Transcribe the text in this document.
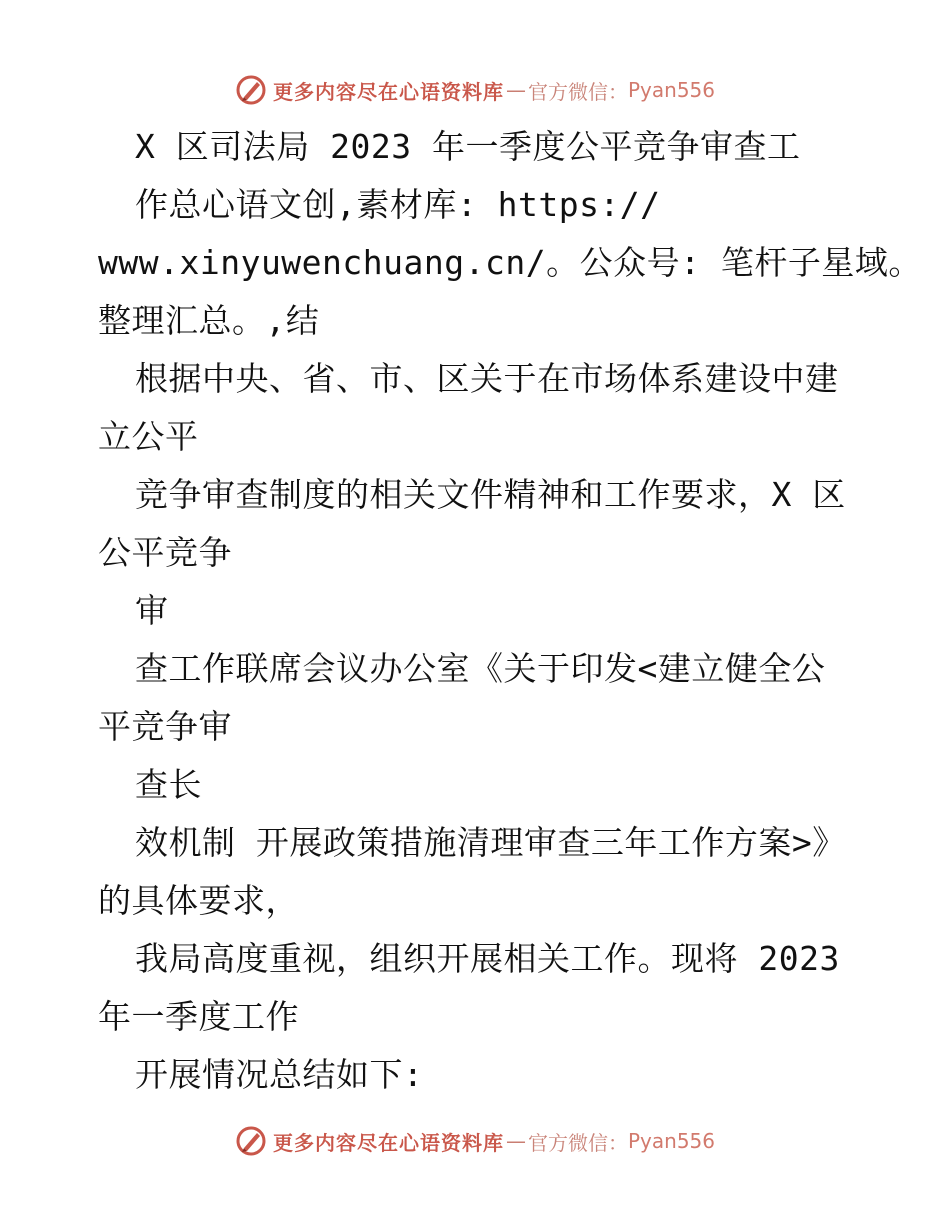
更多内容尽在心语资料库 — 官方微信： Pyan556
X 区司法局 2023 年一季度公平竞争审查工
作总心语文创,素材库: https://
www.xinyuwenchuang.cn/。公众号: 笔杆子星域。
整理汇总。,结
根据中央、省、市、区关于在市场体系建设中建
立公平
竞争审查制度的相关文件精神和工作要求，X 区
公平竞争
审
查工作联席会议办公室《关于印发<建立健全公
平竞争审
查长
效机制 开展政策措施清理审查三年工作方案>》
的具体要求，
我局高度重视，组织开展相关工作。现将 2023
年一季度工作
开展情况总结如下:
更多内容尽在心语资料库 — 官方微信： Pyan556
